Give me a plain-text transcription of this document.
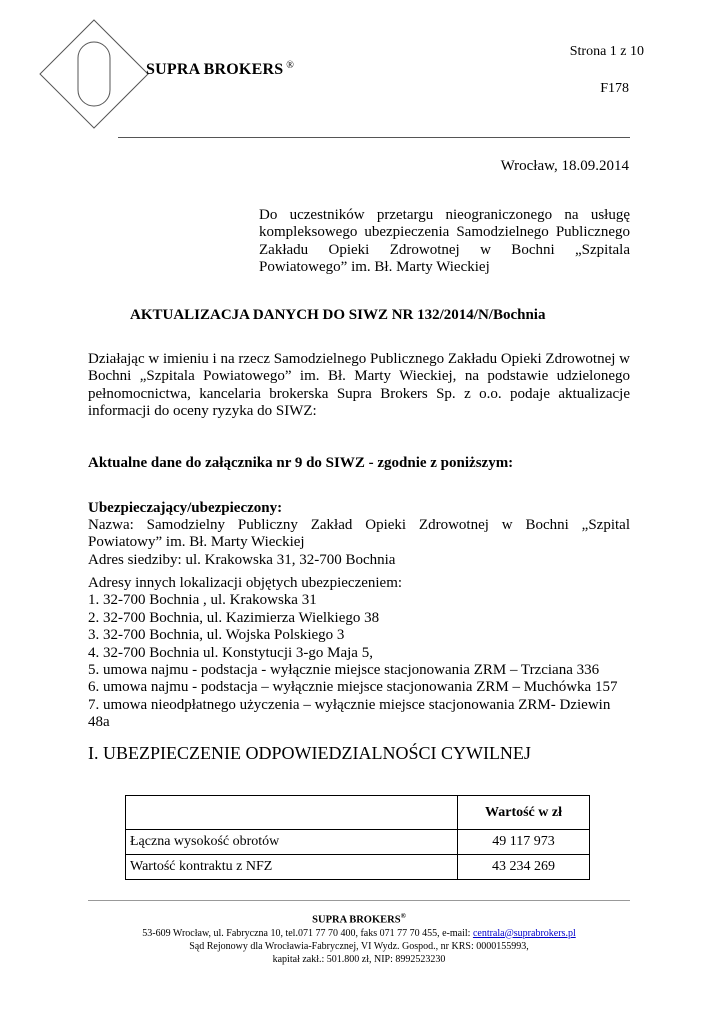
SUPRA BROKERS ®
Strona 1 z 10
F178
Wrocław, 18.09.2014
Do uczestników przetargu nieograniczonego na usługę kompleksowego ubezpieczenia Samodzielnego Publicznego Zakładu Opieki Zdrowotnej w Bochni „Szpitala Powiatowego” im. Bł. Marty Wieckiej
AKTUALIZACJA DANYCH DO SIWZ NR 132/2014/N/Bochnia
Działając w imieniu i na rzecz Samodzielnego Publicznego Zakładu Opieki Zdrowotnej w Bochni „Szpitala Powiatowego” im. Bł. Marty Wieckiej, na podstawie udzielonego pełnomocnictwa, kancelaria brokerska Supra Brokers Sp. z o.o. podaje aktualizacje informacji do oceny ryzyka do SIWZ:
Aktualne dane do załącznika nr 9 do SIWZ - zgodnie z poniższym:
Ubezpieczający/ubezpieczony:
Nazwa: Samodzielny Publiczny Zakład Opieki Zdrowotnej w Bochni „Szpital Powiatowy” im. Bł. Marty Wieckiej
Adres siedziby: ul. Krakowska 31, 32-700 Bochnia
Adresy innych lokalizacji objętych ubezpieczeniem:
1. 32-700 Bochnia , ul. Krakowska 31
2. 32-700 Bochnia, ul. Kazimierza Wielkiego 38
3. 32-700 Bochnia, ul. Wojska Polskiego 3
4. 32-700 Bochnia ul. Konstytucji 3-go Maja 5,
5. umowa najmu - podstacja - wyłącznie miejsce stacjonowania ZRM – Trzciana 336
6. umowa najmu - podstacja – wyłącznie miejsce stacjonowania ZRM – Muchówka 157
7. umowa nieodpłatnego użyczenia – wyłącznie miejsce stacjonowania ZRM- Dziewin 48a
I. UBEZPIECZENIE ODPOWIEDZIALNOŚCI CYWILNEJ
	Wartość w zł
Łączna wysokość obrotów	49 117 973
Wartość kontraktu z NFZ	43 234 269
SUPRA BROKERS®
53-609 Wrocław, ul. Fabryczna 10, tel.071 77 70 400, faks 071 77 70 455, e-mail: centrala@suprabrokers.pl
Sąd Rejonowy dla Wrocławia-Fabrycznej, VI Wydz. Gospod., nr KRS: 0000155993,
kapitał zakł.: 501.800 zł, NIP: 8992523230
